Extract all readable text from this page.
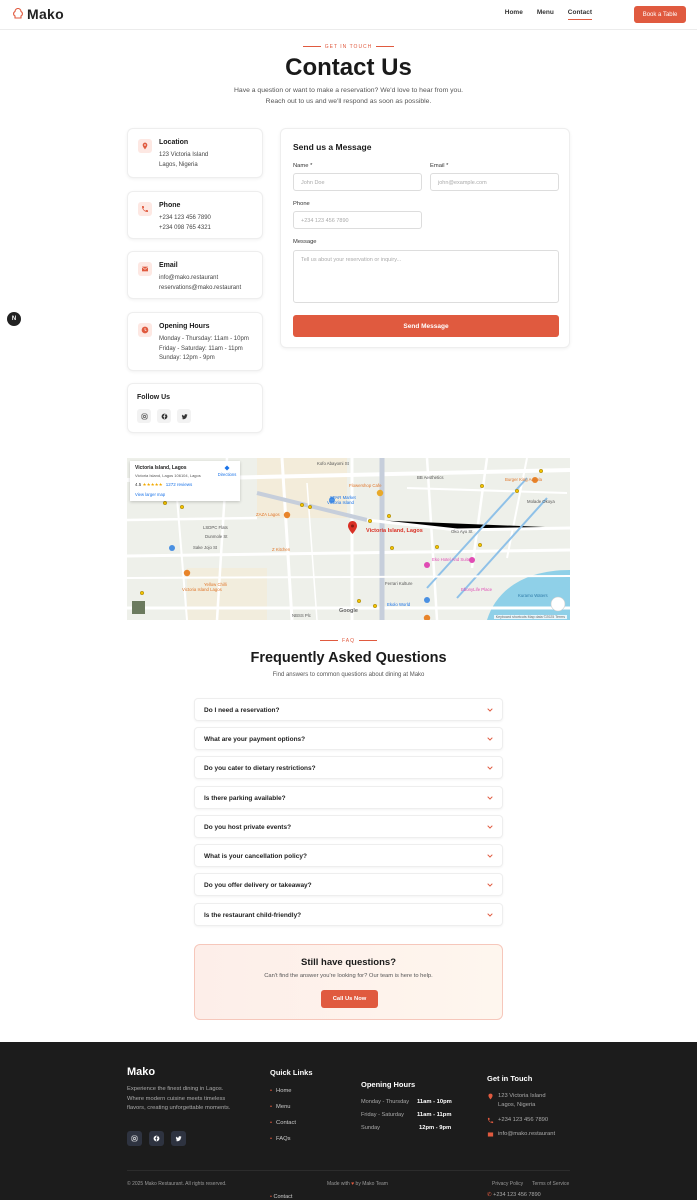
Mako	Home Menu Contact	Book a Table
GET IN TOUCH
Contact Us
Have a question or want to make a reservation? We'd love to hear from you.
Reach out to us and we'll respond as soon as possible.
Location
123 Victoria Island
Lagos, Nigeria
Phone
+234 123 456 7890
+234 098 765 4321
Email
info@mako.restaurant
reservations@mako.restaurant
Opening Hours
Monday - Thursday: 11am - 10pm
Friday - Saturday: 11am - 11pm
Sunday: 12pm - 9pm
Follow Us
Send us a Message
Name *
John Doe
Email *
john@example.com
Phone
+234 123 456 7890
Message
Tell us about your reservation or inquiry...
Send Message
N
Flowershop Cafe
BB Aesthetics	Burger King Adeola
SPAR Market
Victoria Island
ZAZA Lagos
Z Kitchen
Yellow Chilli
Victoria Island Lagos
Eko Hotel And Suites
Ferrari Kulture
Ekolo World
EbonyLife Place
Kuramo Waters
Oko Ayo St
Dunmole St
Sake Jojo St
Kofo Abayomi St
LSDPC Flats
Molade Okoya
NBSS Plc
Victoria Island, Lagos
Google
Keyboard shortcuts Map data ©2025 Terms
Victoria Island, Lagos
Victoria Island, Lagos 106104, Lagos
4.5 ★★★★★ 1272 reviews
View larger map
Directions
FAQ
Frequently Asked Questions
Find answers to common questions about dining at Mako
Do I need a reservation?
What are your payment options?
Do you cater to dietary restrictions?
Is there parking available?
Do you host private events?
What is your cancellation policy?
Do you offer delivery or takeaway?
Is the restaurant child-friendly?
Still have questions?
Can't find the answer you're looking for? Our team is here to help.
Call Us Now
Mako
Experience the finest dining in Lagos. Where modern cuisine meets timeless flavors, creating unforgettable moments.
Quick Links
• Home
• Menu
• Contact
• FAQs
Opening Hours
Monday - Thursday 11am - 10pm
Friday - Saturday 11am - 11pm
Sunday	12pm - 9pm
Get in Touch
123 Victoria Island
Lagos, Nigeria
+234 123 456 7890
info@mako.restaurant
© 2025 Mako Restaurant. All rights reserved.	Made with ♥ by Mako Team	Privacy Policy Terms of Service
• Contact	✆ +234 123 456 7890
